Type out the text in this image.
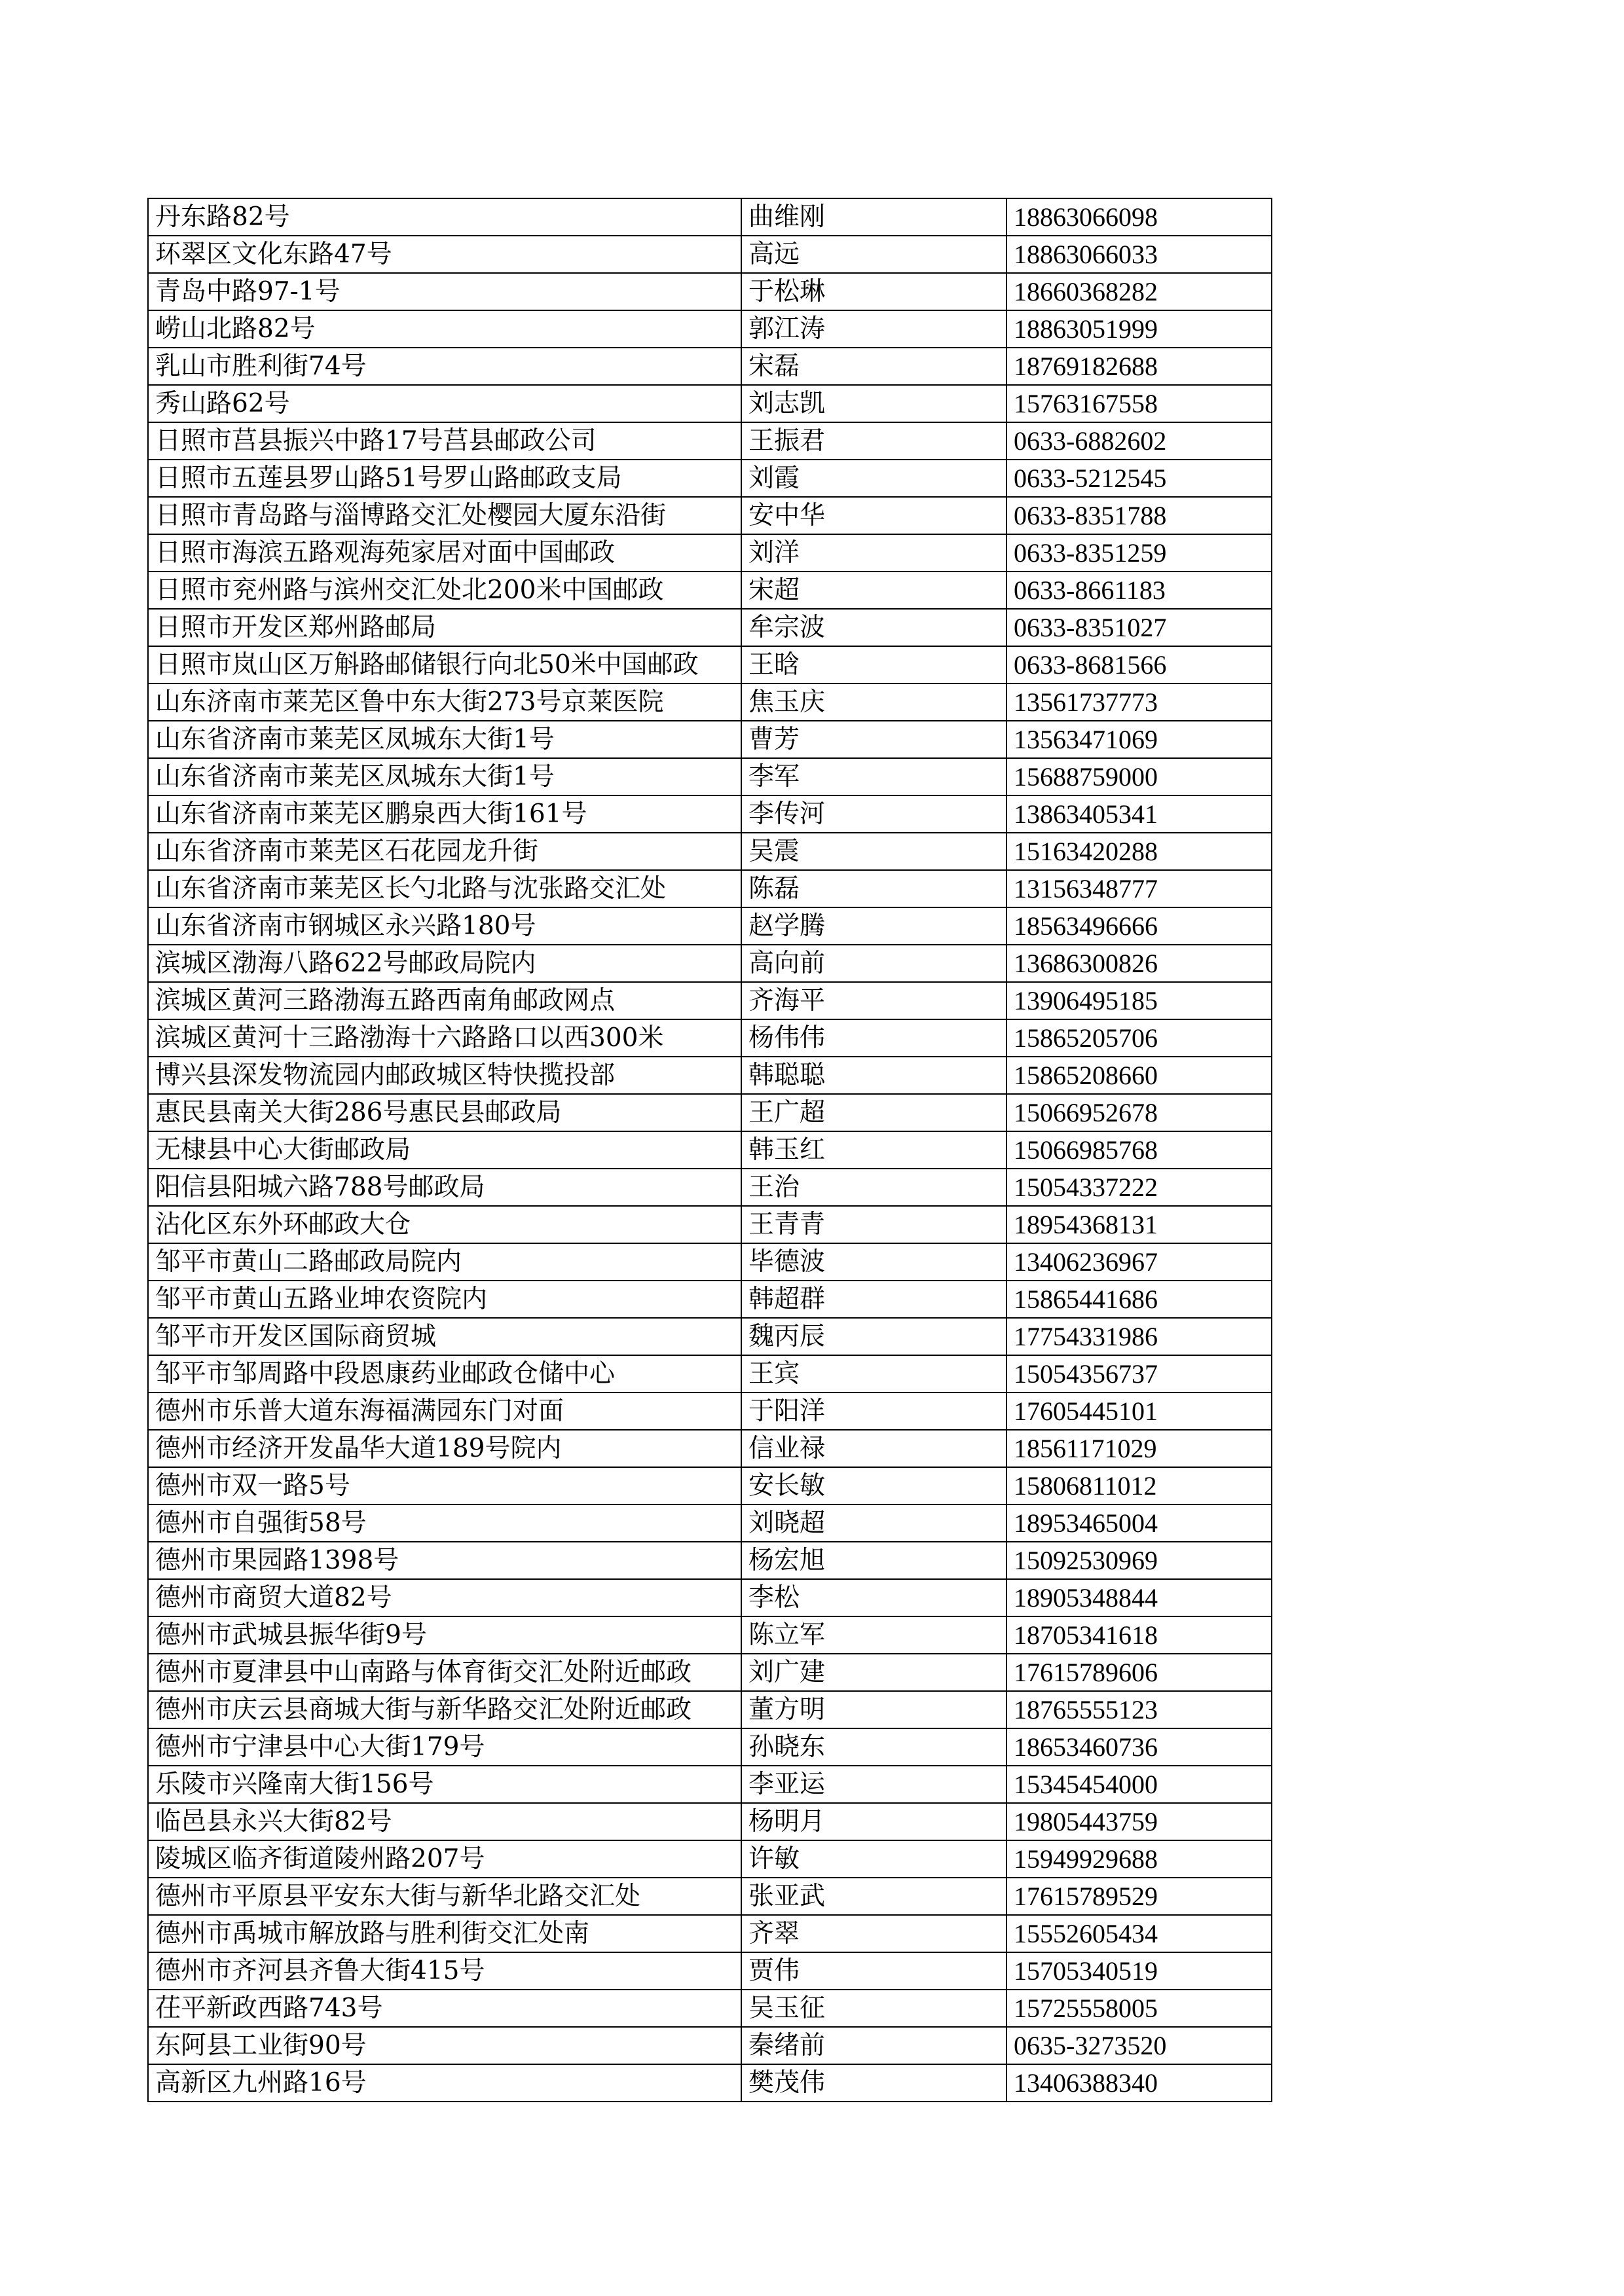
丹东路82号	曲维刚	18863066098
环翠区文化东路47号	高远	18863066033
青岛中路97-1号	于松琳	18660368282
崂山北路82号	郭江涛	18863051999
乳山市胜利街74号	宋磊	18769182688
秀山路62号	刘志凯	15763167558
日照市莒县振兴中路17号莒县邮政公司	王振君	0633-6882602
日照市五莲县罗山路51号罗山路邮政支局	刘霞	0633-5212545
日照市青岛路与淄博路交汇处樱园大厦东沿街	安中华	0633-8351788
日照市海滨五路观海苑家居对面中国邮政	刘洋	0633-8351259
日照市兖州路与滨州交汇处北200米中国邮政	宋超	0633-8661183
日照市开发区郑州路邮局	牟宗波	0633-8351027
日照市岚山区万斛路邮储银行向北50米中国邮政	王晗	0633-8681566
山东济南市莱芜区鲁中东大街273号京莱医院	焦玉庆	13561737773
山东省济南市莱芜区凤城东大街1号	曹芳	13563471069
山东省济南市莱芜区凤城东大街1号	李军	15688759000
山东省济南市莱芜区鹏泉西大街161号	李传河	13863405341
山东省济南市莱芜区石花园龙升街	吴震	15163420288
山东省济南市莱芜区长勺北路与沈张路交汇处	陈磊	13156348777
山东省济南市钢城区永兴路180号	赵学腾	18563496666
滨城区渤海八路622号邮政局院内	高向前	13686300826
滨城区黄河三路渤海五路西南角邮政网点	齐海平	13906495185
滨城区黄河十三路渤海十六路路口以西300米	杨伟伟	15865205706
博兴县深发物流园内邮政城区特快揽投部	韩聪聪	15865208660
惠民县南关大街286号惠民县邮政局	王广超	15066952678
无棣县中心大街邮政局	韩玉红	15066985768
阳信县阳城六路788号邮政局	王治	15054337222
沾化区东外环邮政大仓	王青青	18954368131
邹平市黄山二路邮政局院内	毕德波	13406236967
邹平市黄山五路业坤农资院内	韩超群	15865441686
邹平市开发区国际商贸城	魏丙辰	17754331986
邹平市邹周路中段恩康药业邮政仓储中心	王宾	15054356737
德州市乐普大道东海福满园东门对面	于阳洋	17605445101
德州市经济开发晶华大道189号院内	信业禄	18561171029
德州市双一路5号	安长敏	15806811012
德州市自强街58号	刘晓超	18953465004
德州市果园路1398号	杨宏旭	15092530969
德州市商贸大道82号	李松	18905348844
德州市武城县振华街9号	陈立军	18705341618
德州市夏津县中山南路与体育街交汇处附近邮政	刘广建	17615789606
德州市庆云县商城大街与新华路交汇处附近邮政	董方明	18765555123
德州市宁津县中心大街179号	孙晓东	18653460736
乐陵市兴隆南大街156号	李亚运	15345454000
临邑县永兴大街82号	杨明月	19805443759
陵城区临齐街道陵州路207号	许敏	15949929688
德州市平原县平安东大街与新华北路交汇处	张亚武	17615789529
德州市禹城市解放路与胜利街交汇处南	齐翠	15552605434
德州市齐河县齐鲁大街415号	贾伟	15705340519
茌平新政西路743号	吴玉征	15725558005
东阿县工业街90号	秦绪前	0635-3273520
高新区九州路16号	樊茂伟	13406388340
